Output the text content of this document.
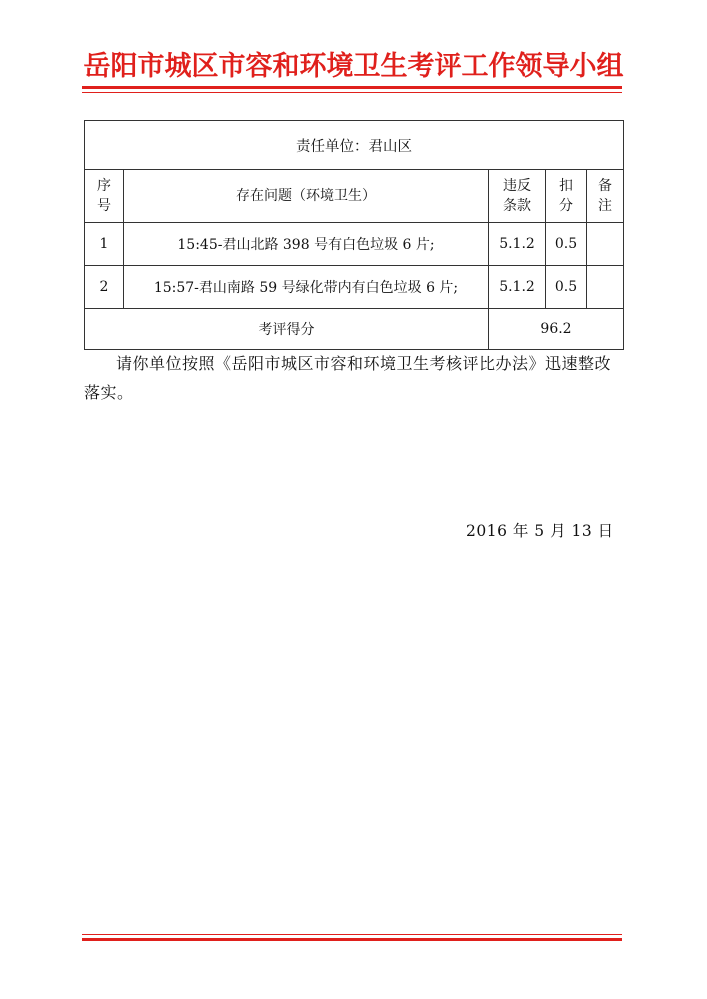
岳阳市城区市容和环境卫生考评工作领导小组
责任单位：君山区				

序号	存在问题（环境卫生）	违反条款	扣分	备注

1	15:45-君山北路 398 号有白色垃圾 6 片;	5.1.2	0.5	
2	15:57-君山南路 59 号绿化带内有白色垃圾 6 片;	5.1.2	0.5	
考评得分		96.2		
请你单位按照《岳阳市城区市容和环境卫生考核评比办法》迅速整改落实。
2016 年 5 月 13 日
